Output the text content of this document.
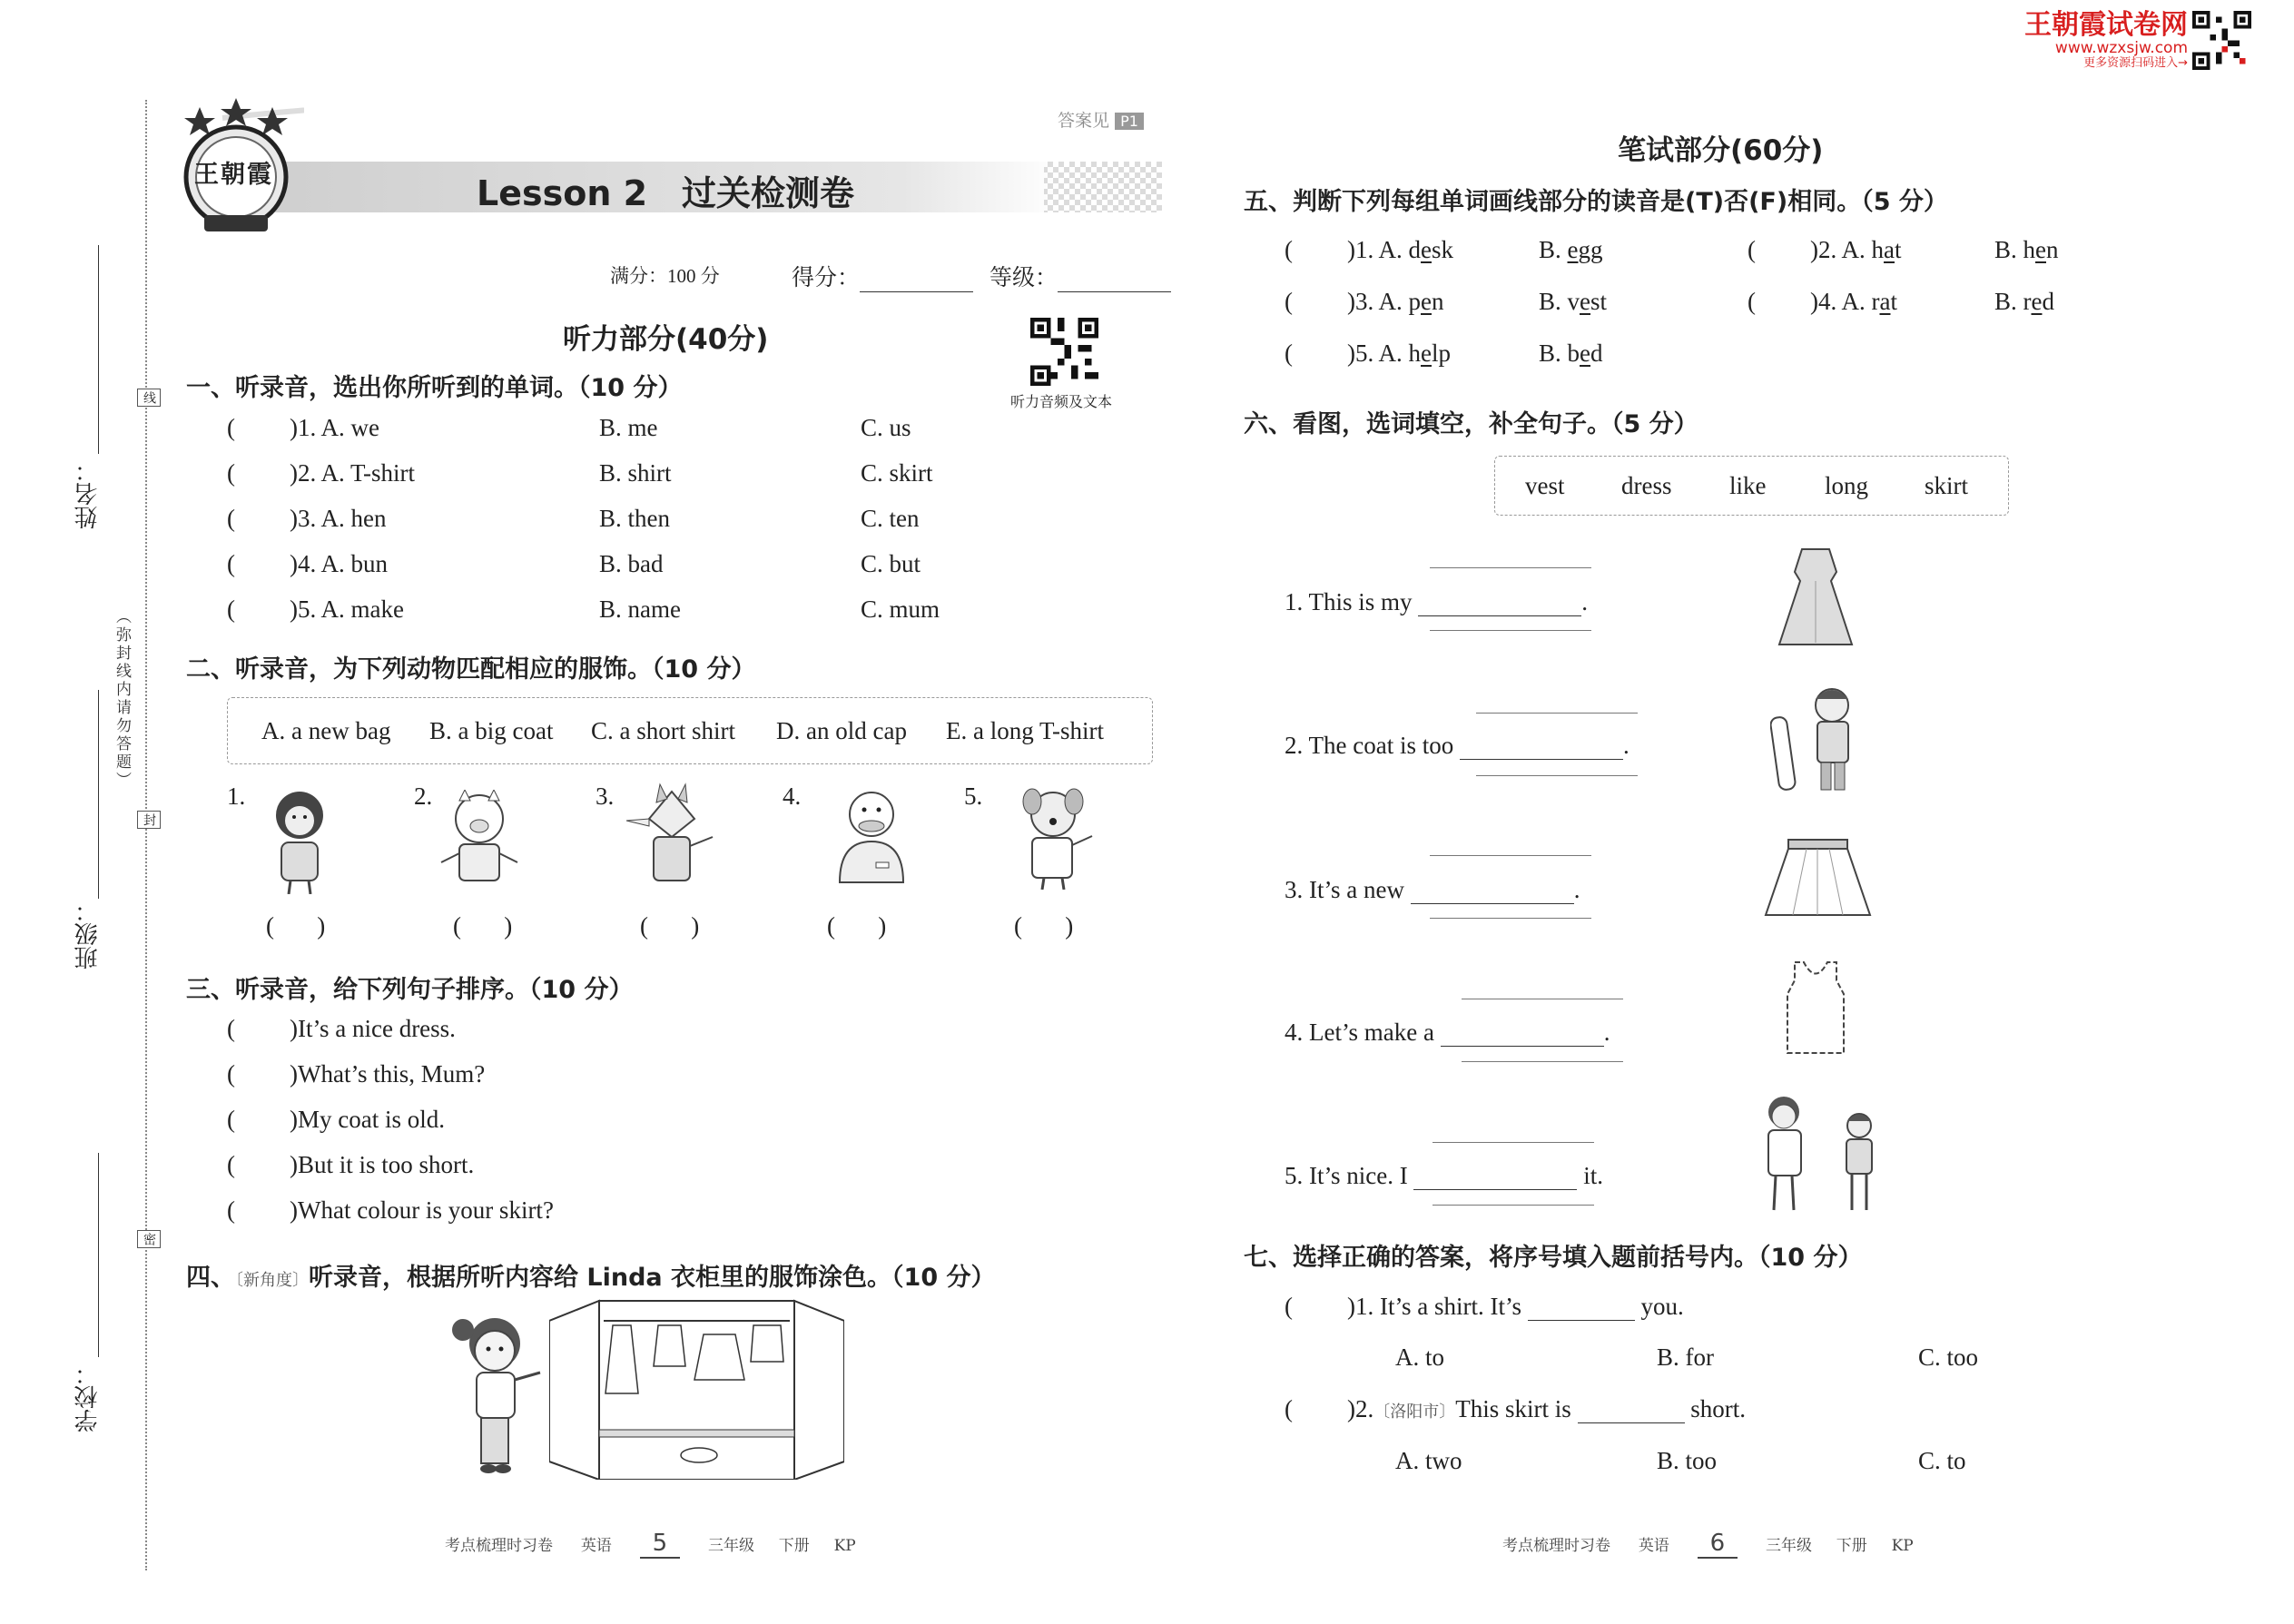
王朝霞试卷网
www.wzxsjw.com
更多资源扫码进入→
姓名：
班级：
学校：
（弥封线内请勿答题）
线
封
密
王朝霞
答案见 P1
Lesson 2　过关检测卷
满分：100 分	得分：	等级：
听力部分(40分)
听力音频及文本
一、听录音，选出你所听到的单词。（10 分）
( )1. A. we	B. me	C. us
( )2. A. T-shirt	B. shirt	C. skirt
( )3. A. hen	B. then	C. ten
( )4. A. bun	B. bad	C. but
( )5. A. make	B. name	C. mum
二、听录音，为下列动物匹配相应的服饰。（10 分）
A. a new bag B. a big coat C. a short shirt D. an old cap E. a long T-shirt
1.	2.	3.	4.	5.
(       )	(       )	(       )	(       )	(       )
三、听录音，给下列句子排序。（10 分）
( )It’s a nice dress.
( )What’s this, Mum?
( )My coat is old.
( )But it is too short.
( )What colour is your skirt?
四、〔新角度〕听录音，根据所听内容给 Linda 衣柜里的服饰涂色。（10 分）
考点梳理时习卷 英语 5	三年级 下册 KP
笔试部分(60分)
五、判断下列每组单词画线部分的读音是(T)否(F)相同。（5 分）
( )1. A. desk	B. egg	( )2. A. hat	B. hen
( )3. A. pen	B. vest	( )4. A. rat	B. red
( )5. A. help	B. bed
六、看图，选词填空，补全句子。（5 分）
vest dress like long skirt
1. This is my	.
2. The coat is too	.
3. It’s a new	.
4. Let’s make a	.
5. It’s nice. I	it.
七、选择正确的答案，将序号填入题前括号内。（10 分）
( )1. It’s a shirt. It’s	you.
A. to	B. for	C. too
( )2.〔洛阳市〕This skirt is	short.
A. two	B. too	C. to
考点梳理时习卷 英语 6	三年级 下册 KP
